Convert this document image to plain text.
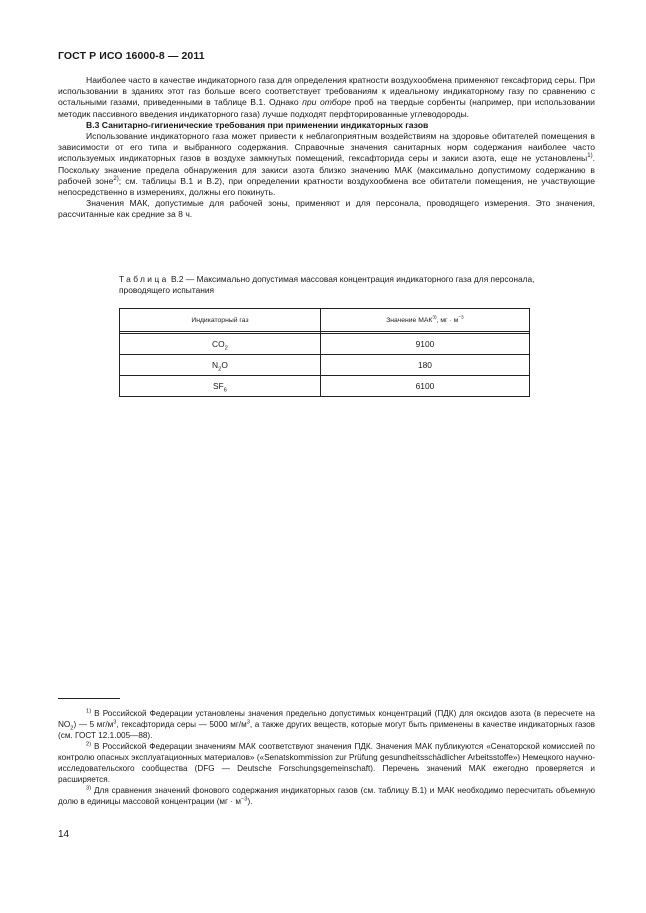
ГОСТ Р ИСО 16000-8 — 2011

Наиболее часто в качестве индикаторного газа для определения кратности воздухообмена применяют гексафторид серы. При использовании в зданиях этот газ больше всего соответствует требованиям к идеальному индикаторному газу по сравнению с остальными газами, приведенными в таблице В.1. Однако при отборе проб на твердые сорбенты (например, при использовании методик пассивного введения индикаторного газа) лучше подходят перфторированные углеводороды.

В.3 Санитарно-гигиенические требования при применении индикаторных газов

Использование индикаторного газа может привести к неблагоприятным воздействиям на здоровье обитателей помещения в зависимости от его типа и выбранного содержания. Справочные значения санитарных норм содержания наиболее часто используемых индикаторных газов в воздухе замкнутых помещений, гексафторида серы и закиси азота, еще не установлены$^{1)}$. Поскольку значение предела обнаружения для закиси азота близко значению МАК (максимально допустимому содержанию в рабочей зоне$^{2)}$; см. таблицы В.1 и В.2), при определении кратности воздухообмена все обитатели помещения, не участвующие непосредственно в измерениях, должны его покинуть.

Значения МАК, допустимые для рабочей зоны, применяют и для персонала, проводящего измерения. Это значения, рассчитанные как средние за 8 ч.

Таблица В.2 — Максимально допустимая массовая концентрация индикаторного газа для персонала, проводящего испытания
Индикаторный газ	Значение МАК$^{3)}$, мг · $м^{-3}$

$CO_2$	9100
$N_2O$	180
$SF_6$	6100

$^{1)}$ В Российской Федерации установлены значения предельно допустимых концентраций (ПДК) для оксидов азота (в пересчете на $NO_2$) — 5 $мг/м^3$, гексафторида серы — 5000 $мг/м^3$, а также других веществ, которые могут быть применены в качестве индикаторных газов (см. ГОСТ 12.1.005—88).

$^{2)}$ В Российской Федерации значениям МАК соответствуют значения ПДК. Значения МАК публикуются «Сенаторской комиссией по контролю опасных эксплуатационных материалов» («Senatskommission zur Prüfung gesundheitsschädlicher Arbeitsstoffe») Немецкого научно-исследовательского сообщества (DFG — Deutsche Forschungsgemeinschaft). Перечень значений МАК ежегодно проверяется и расширяется.

$^{3)}$ Для сравнения значений фонового содержания индикаторных газов (см. таблицу В.1) и МАК необходимо пересчитать объемную долю в единицы массовой концентрации $(мг \cdot м^{-3})$.

14
